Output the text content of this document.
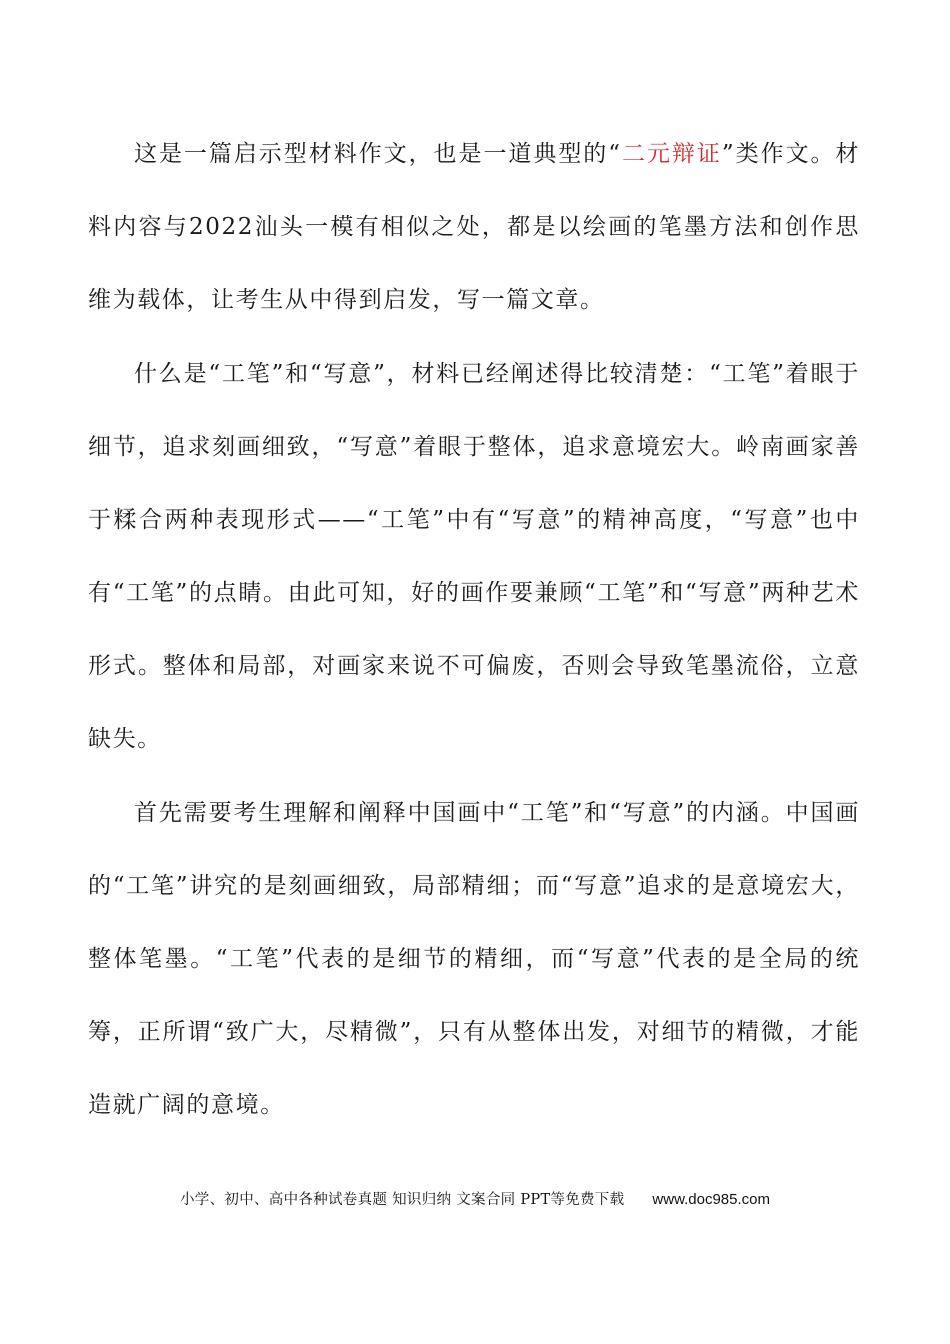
这是一篇启示型材料作文，也是一道典型的“二元辩证”类作文。材料内容与2022汕头一模有相似之处，都是以绘画的笔墨方法和创作思维为载体，让考生从中得到启发，写一篇文章。

什么是“工笔”和“写意”，材料已经阐述得比较清楚：“工笔”着眼于细节，追求刻画细致，“写意”着眼于整体，追求意境宏大。岭南画家善于糅合两种表现形式——“工笔”中有“写意”的精神高度，“写意”也中有“工笔”的点睛。由此可知，好的画作要兼顾“工笔”和“写意”两种艺术形式。整体和局部，对画家来说不可偏废，否则会导致笔墨流俗，立意缺失。

首先需要考生理解和阐释中国画中“工笔”和“写意”的内涵。中国画的“工笔”讲究的是刻画细致，局部精细；而“写意”追求的是意境宏大，整体笔墨。“工笔”代表的是细节的精细，而“写意”代表的是全局的统筹，正所谓“致广大，尽精微”，只有从整体出发，对细节的精微，才能造就广阔的意境。

小学、初中、高中各种试卷真题 知识归纳 文案合同 PPT等免费下载 www.doc985.com
